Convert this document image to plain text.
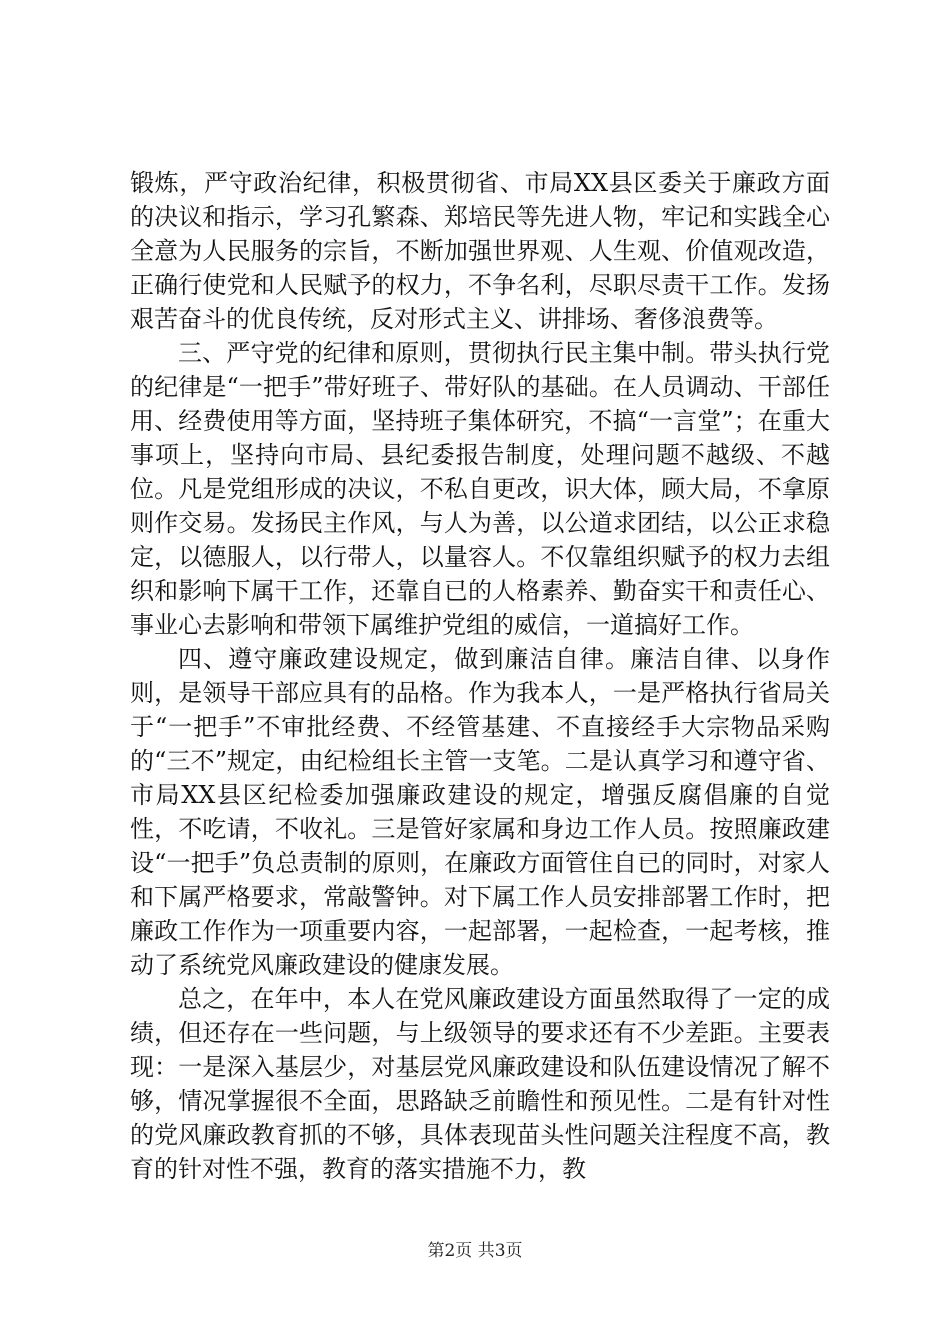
锻炼，严守政治纪律，积极贯彻省、市局XX县区委关于廉政方面的决议和指示，学习孔繁森、郑培民等先进人物，牢记和实践全心全意为人民服务的宗旨，不断加强世界观、人生观、价值观改造，正确行使党和人民赋予的权力，不争名利，尽职尽责干工作。发扬艰苦奋斗的优良传统，反对形式主义、讲排场、奢侈浪费等。

三、严守党的纪律和原则，贯彻执行民主集中制。带头执行党的纪律是“一把手”带好班子、带好队的基础。在人员调动、干部任用、经费使用等方面，坚持班子集体研究，不搞“一言堂”；在重大事项上，坚持向市局、县纪委报告制度，处理问题不越级、不越位。凡是党组形成的决议，不私自更改，识大体，顾大局，不拿原则作交易。发扬民主作风，与人为善，以公道求团结，以公正求稳定，以德服人，以行带人，以量容人。不仅靠组织赋予的权力去组织和影响下属干工作，还靠自已的人格素养、勤奋实干和责任心、事业心去影响和带领下属维护党组的威信，一道搞好工作。

四、遵守廉政建设规定，做到廉洁自律。廉洁自律、以身作则，是领导干部应具有的品格。作为我本人，一是严格执行省局关于“一把手”不审批经费、不经管基建、不直接经手大宗物品采购的“三不”规定，由纪检组长主管一支笔。二是认真学习和遵守省、市局XX县区纪检委加强廉政建设的规定，增强反腐倡廉的自觉性，不吃请，不收礼。三是管好家属和身边工作人员。按照廉政建设“一把手”负总责制的原则，在廉政方面管住自已的同时，对家人和下属严格要求，常敲警钟。对下属工作人员安排部署工作时，把廉政工作作为一项重要内容，一起部署，一起检查，一起考核，推动了系统党风廉政建设的健康发展。

总之，在年中，本人在党风廉政建设方面虽然取得了一定的成绩，但还存在一些问题，与上级领导的要求还有不少差距。主要表现：一是深入基层少，对基层党风廉政建设和队伍建设情况了解不够，情况掌握很不全面，思路缺乏前瞻性和预见性。二是有针对性的党风廉政教育抓的不够，具体表现苗头性问题关注程度不高，教育的针对性不强，教育的落实措施不力，教

第2页 共3页
